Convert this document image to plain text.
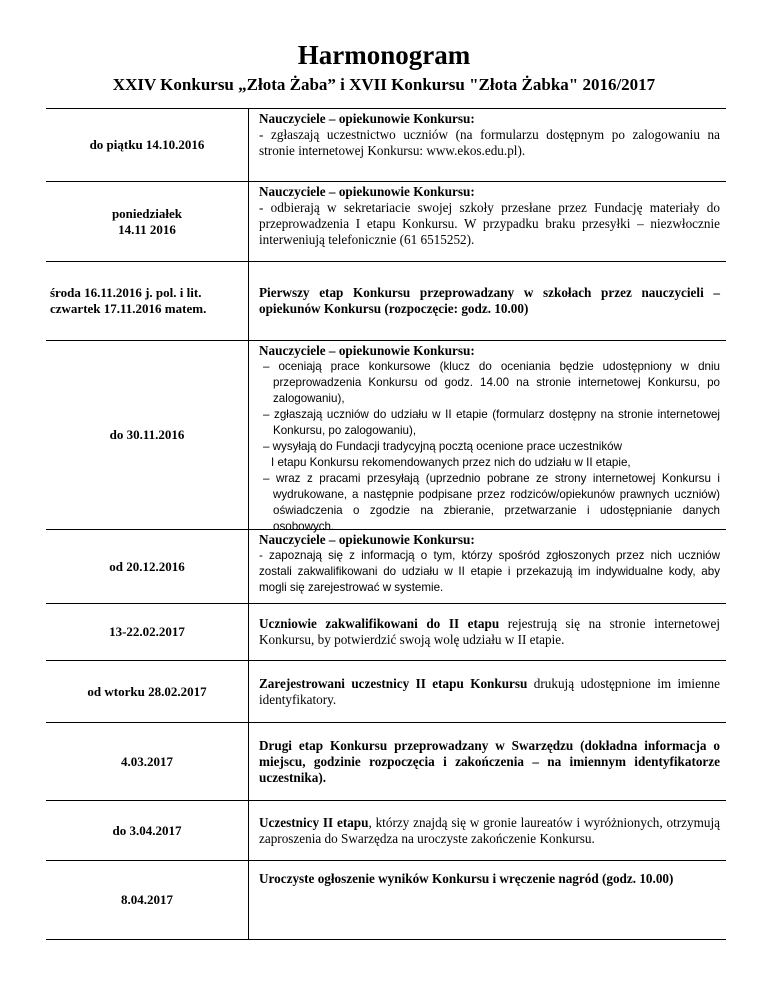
Harmonogram
XXIV Konkursu „Złota Żaba” i XVII Konkursu "Złota Żabka" 2016/2017
do piątku 14.10.2016
Nauczyciele – opiekunowie Konkursu:
- zgłaszają uczestnictwo uczniów (na formularzu dostępnym po zalogowaniu na stronie internetowej Konkursu: www.ekos.edu.pl).
poniedziałek
14.11 2016
Nauczyciele – opiekunowie Konkursu:
- odbierają w sekretariacie swojej szkoły przesłane przez Fundację materiały do przeprowadzenia I etapu Konkursu. W przypadku braku przesyłki – niezwłocznie interweniują telefonicznie (61 6515252).
środa 16.11.2016 j. pol. i lit.
czwartek 17.11.2016 matem.
Pierwszy etap Konkursu przeprowadzany w szkołach przez nauczycieli – opiekunów Konkursu (rozpoczęcie: godz. 10.00)
do 30.11.2016
Nauczyciele – opiekunowie Konkursu:
– oceniają prace konkursowe (klucz do oceniania będzie udostępniony w dniu przeprowadzenia Konkursu od godz. 14.00 na stronie internetowej Konkursu, po zalogowaniu),
– zgłaszają uczniów do udziału w II etapie (formularz dostępny na stronie internetowej Konkursu, po zalogowaniu),
– wysyłają do Fundacji tradycyjną pocztą ocenione prace uczestników
I etapu Konkursu rekomendowanych przez nich do udziału w II etapie,
– wraz z pracami przesyłają (uprzednio pobrane ze strony internetowej Konkursu i wydrukowane, a następnie podpisane przez rodziców/opiekunów prawnych uczniów) oświadczenia o zgodzie na zbieranie, przetwarzanie i udostępnianie danych osobowych.
od 20.12.2016
Nauczyciele – opiekunowie Konkursu:
- zapoznają się z informacją o tym, którzy spośród zgłoszonych przez nich uczniów zostali zakwalifikowani do udziału w II etapie i przekazują im indywidualne kody, aby mogli się zarejestrować w systemie.
13-22.02.2017
Uczniowie zakwalifikowani do II etapu rejestrują się na stronie internetowej Konkursu, by potwierdzić swoją wolę udziału w II etapie.
od wtorku 28.02.2017
Zarejestrowani uczestnicy II etapu Konkursu drukują udostępnione im imienne identyfikatory.
4.03.2017
Drugi etap Konkursu przeprowadzany w Swarzędzu (dokładna informacja o miejscu, godzinie rozpoczęcia i zakończenia – na imiennym identyfikatorze uczestnika).
do 3.04.2017
Uczestnicy II etapu, którzy znajdą się w gronie laureatów i wyróżnionych, otrzymują zaproszenia do Swarzędza na uroczyste zakończenie Konkursu.
8.04.2017
Uroczyste ogłoszenie wyników Konkursu i wręczenie nagród (godz. 10.00)
